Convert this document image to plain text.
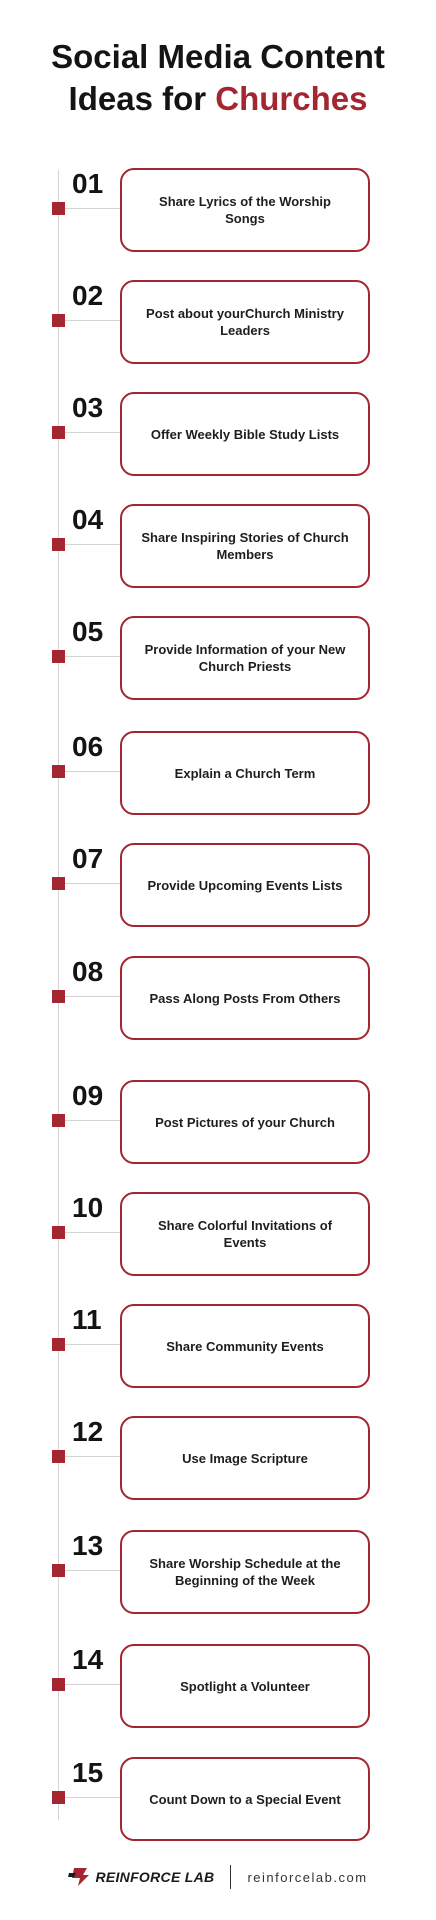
Social Media Content
Ideas for Churches
01
Share Lyrics of the Worship Songs
02
Post about yourChurch Ministry Leaders
03
Offer Weekly Bible Study Lists
04
Share Inspiring Stories of Church Members
05
Provide Information of your New Church Priests
06
Explain a Church Term
07
Provide Upcoming Events Lists
08
Pass Along Posts From Others
09
Post Pictures of your Church
10
Share Colorful Invitations of Events
11
Share Community Events
12
Use Image Scripture
13
Share Worship Schedule at the Beginning of the Week
14
Spotlight a Volunteer
15
Count Down to a Special Event
REINFORCE LAB	reinforcelab.com
